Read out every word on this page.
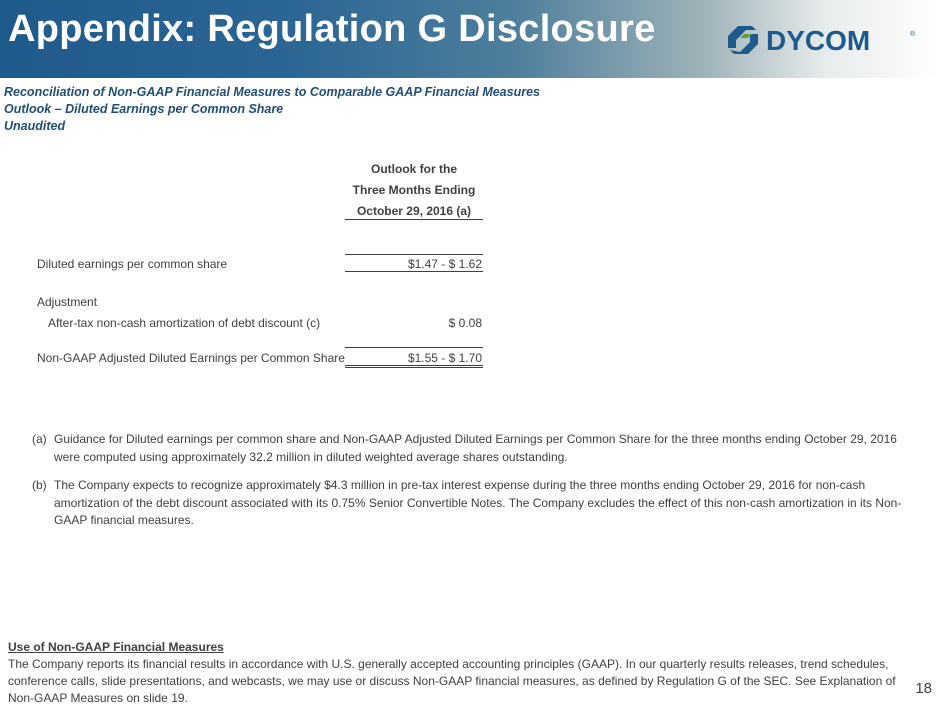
Appendix: Regulation G Disclosure	DYCOM	®
Reconciliation of Non-GAAP Financial Measures to Comparable GAAP Financial Measures
Outlook – Diluted Earnings per Common Share
Unaudited
Outlook for the
Three Months Ending
October 29, 2016 (a)
Diluted earnings per common share	$1.47 - $ 1.62
Adjustment
After-tax non-cash amortization of debt discount (c)	$ 0.08
Non-GAAP Adjusted Diluted Earnings per Common Share	$1.55 - $ 1.70
(a) Guidance for Diluted earnings per common share and Non-GAAP Adjusted Diluted Earnings per Common Share for the three months ending October 29, 2016 were computed using approximately 32.2 million in diluted weighted average shares outstanding.
(b) The Company expects to recognize approximately $4.3 million in pre-tax interest expense during the three months ending October 29, 2016 for non-cash amortization of the debt discount associated with its 0.75% Senior Convertible Notes. The Company excludes the effect of this non-cash amortization in its Non-GAAP financial measures.
Use of Non-GAAP Financial Measures
The Company reports its financial results in accordance with U.S. generally accepted accounting principles (GAAP). In our quarterly results releases, trend schedules, conference calls, slide presentations, and webcasts, we may use or discuss Non-GAAP financial measures, as defined by Regulation G of the SEC. See Explanation of Non-GAAP Measures on slide 19.
18
